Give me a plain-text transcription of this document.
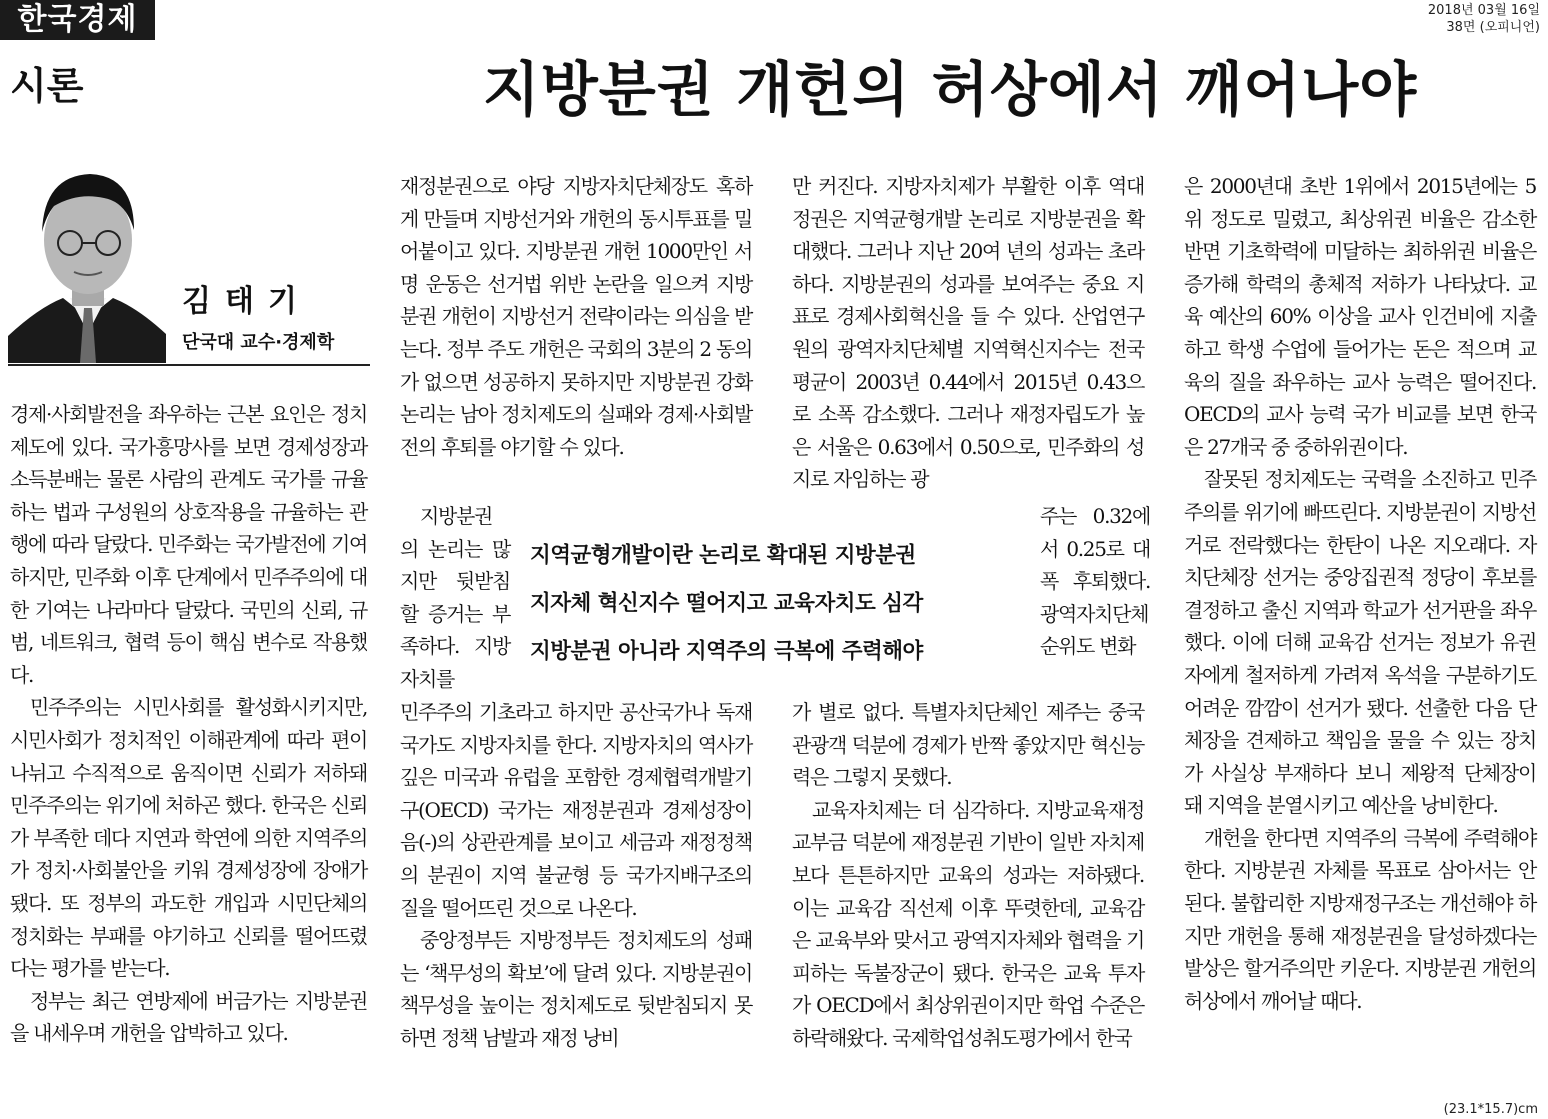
한국경제	2018년 03월 16일
38면 (오피니언)
시론	지방분권 개헌의 허상에서 깨어나야
김태기
단국대 교수·경제학

경제·사회발전을 좌우하는 근본 요인은 정치제도에 있다. 국가흥망사를 보면 경제성장과 소득분배는 물론 사람의 관계도 국가를 규율하는 법과 구성원의 상호작용을 규율하는 관행에 따라 달랐다. 민주화는 국가발전에 기여하지만, 민주화 이후 단계에서 민주주의에 대한 기여는 나라마다 달랐다. 국민의 신뢰, 규범, 네트워크, 협력 등이 핵심 변수로 작용했다.

민주주의는 시민사회를 활성화시키지만, 시민사회가 정치적인 이해관계에 따라 편이 나뉘고 수직적으로 움직이면 신뢰가 저하돼 민주주의는 위기에 처하곤 했다. 한국은 신뢰가 부족한 데다 지연과 학연에 의한 지역주의가 정치·사회불안을 키워 경제성장에 장애가 됐다. 또 정부의 과도한 개입과 시민단체의 정치화는 부패를 야기하고 신뢰를 떨어뜨렸다는 평가를 받는다.

정부는 최근 연방제에 버금가는 지방분권을 내세우며 개헌을 압박하고 있다.

재정분권으로 야당 지방자치단체장도 혹하게 만들며 지방선거와 개헌의 동시투표를 밀어붙이고 있다. 지방분권 개헌 1000만인 서명 운동은 선거법 위반 논란을 일으켜 지방분권 개헌이 지방선거 전략이라는 의심을 받는다. 정부 주도 개헌은 국회의 3분의 2 동의가 없으면 성공하지 못하지만 지방분권 강화 논리는 남아 정치제도의 실패와 경제·사회발전의 후퇴를 야기할 수 있다.

지방분권의 논리는 많지만 뒷받침할 증거는 부족하다. 지방자치를

민주주의 기초라고 하지만 공산국가나 독재국가도 지방자치를 한다. 지방자치의 역사가 깊은 미국과 유럽을 포함한 경제협력개발기구(OECD) 국가는 재정분권과 경제성장이 음(-)의 상관관계를 보이고 세금과 재정정책의 분권이 지역 불균형 등 국가지배구조의 질을 떨어뜨린 것으로 나온다.

중앙정부든 지방정부든 정치제도의 성패는 ‘책무성의 확보’에 달려 있다. 지방분권이 책무성을 높이는 정치제도로 뒷받침되지 못하면 정책 남발과 재정 낭비

지역균형개발이란 논리로 확대된 지방분권
지자체 혁신지수 떨어지고 교육자치도 심각
지방분권 아니라 지역주의 극복에 주력해야

만 커진다. 지방자치제가 부활한 이후 역대 정권은 지역균형개발 논리로 지방분권을 확대했다. 그러나 지난 20여 년의 성과는 초라하다. 지방분권의 성과를 보여주는 중요 지표로 경제사회혁신을 들 수 있다. 산업연구원의 광역자치단체별 지역혁신지수는 전국 평균이 2003년 0.44에서 2015년 0.43으로 소폭 감소했다. 그러나 재정자립도가 높은 서울은 0.63에서 0.50으로, 민주화의 성지로 자임하는 광

주는 0.32에서 0.25로 대폭 후퇴했다. 광역자치단체 순위도 변화

가 별로 없다. 특별자치단체인 제주는 중국 관광객 덕분에 경제가 반짝 좋았지만 혁신능력은 그렇지 못했다.

교육자치제는 더 심각하다. 지방교육재정교부금 덕분에 재정분권 기반이 일반 자치제보다 튼튼하지만 교육의 성과는 저하됐다. 이는 교육감 직선제 이후 뚜렷한데, 교육감은 교육부와 맞서고 광역지자체와 협력을 기피하는 독불장군이 됐다. 한국은 교육 투자가 OECD에서 최상위권이지만 학업 수준은 하락해왔다. 국제학업성취도평가에서 한국

은 2000년대 초반 1위에서 2015년에는 5위 정도로 밀렸고, 최상위권 비율은 감소한 반면 기초학력에 미달하는 최하위권 비율은 증가해 학력의 총체적 저하가 나타났다. 교육 예산의 60% 이상을 교사 인건비에 지출하고 학생 수업에 들어가는 돈은 적으며 교육의 질을 좌우하는 교사 능력은 떨어진다. OECD의 교사 능력 국가 비교를 보면 한국은 27개국 중 중하위권이다.

잘못된 정치제도는 국력을 소진하고 민주주의를 위기에 빠뜨린다. 지방분권이 지방선거로 전락했다는 한탄이 나온 지오래다. 자치단체장 선거는 중앙집권적 정당이 후보를 결정하고 출신 지역과 학교가 선거판을 좌우했다. 이에 더해 교육감 선거는 정보가 유권자에게 철저하게 가려져 옥석을 구분하기도 어려운 깜깜이 선거가 됐다. 선출한 다음 단체장을 견제하고 책임을 물을 수 있는 장치가 사실상 부재하다 보니 제왕적 단체장이 돼 지역을 분열시키고 예산을 낭비한다.

개헌을 한다면 지역주의 극복에 주력해야 한다. 지방분권 자체를 목표로 삼아서는 안 된다. 불합리한 지방재정구조는 개선해야 하지만 개헌을 통해 재정분권을 달성하겠다는 발상은 할거주의만 키운다. 지방분권 개헌의 허상에서 깨어날 때다.

(23.1*15.7)cm
